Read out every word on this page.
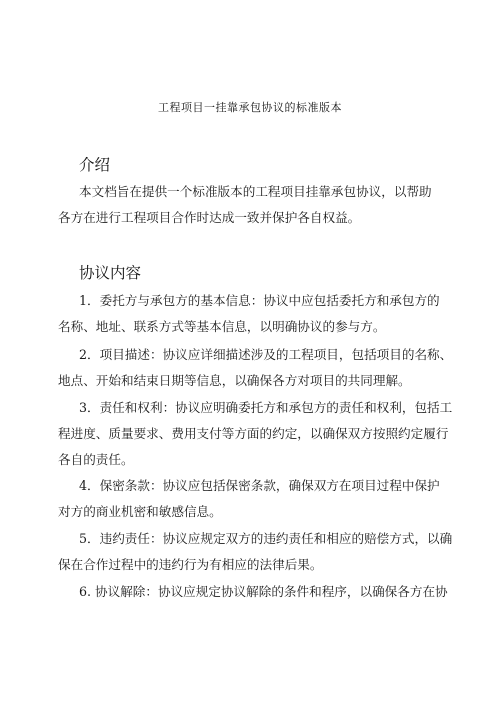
工程项目一挂靠承包协议的标准版本
介绍
本文档旨在提供一个标准版本的工程项目挂靠承包协议，以帮助
各方在进行工程项目合作时达成一致并保护各自权益。
协议内容
1．委托方与承包方的基本信息：协议中应包括委托方和承包方的
名称、地址、联系方式等基本信息，以明确协议的参与方。
2．项目描述：协议应详细描述涉及的工程项目，包括项目的名称、
地点、开始和结束日期等信息，以确保各方对项目的共同理解。
3．责任和权利：协议应明确委托方和承包方的责任和权利，包括工
程进度、质量要求、费用支付等方面的约定，以确保双方按照约定履行
各自的责任。
4．保密条款：协议应包括保密条款，确保双方在项目过程中保护
对方的商业机密和敏感信息。
5．违约责任：协议应规定双方的违约责任和相应的赔偿方式，以确
保在合作过程中的违约行为有相应的法律后果。
6. 协议解除：协议应规定协议解除的条件和程序，以确保各方在协
